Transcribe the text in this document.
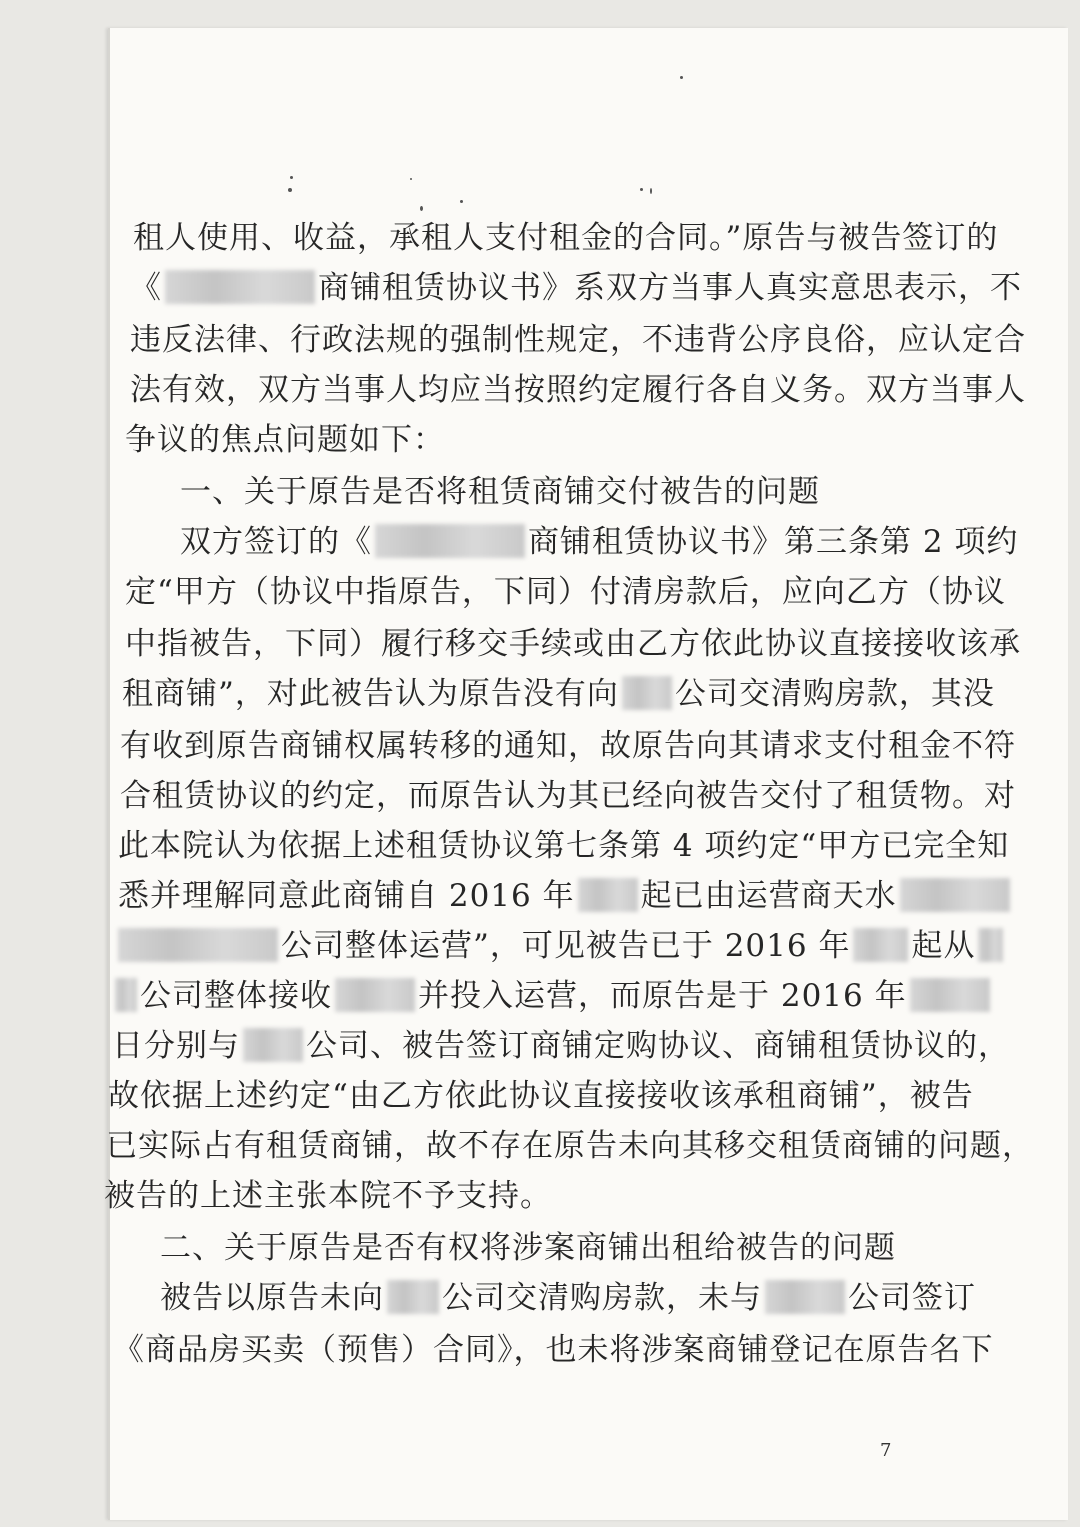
租人使用、收益，承租人支付租金的合同。”原告与被告签订的
《	商铺租赁协议书》系双方当事人真实意思表示，不
违反法律、行政法规的强制性规定，不违背公序良俗，应认定合
法有效，双方当事人均应当按照约定履行各自义务。双方当事人
争议的焦点问题如下：
一、关于原告是否将租赁商铺交付被告的问题
双方签订的《	商铺租赁协议书》第三条第 2 项约
定“甲方（协议中指原告，下同）付清房款后，应向乙方（协议
中指被告，下同）履行移交手续或由乙方依此协议直接接收该承
租商铺”，对此被告认为原告没有向 公司交清购房款，其没
有收到原告商铺权属转移的通知，故原告向其请求支付租金不符
合租赁协议的约定，而原告认为其已经向被告交付了租赁物。对
此本院认为依据上述租赁协议第七条第 4 项约定“甲方已完全知
悉并理解同意此商铺自 2016 年 起已由运营商天水
公司整体运营”，可见被告已于 2016 年 起从
公司整体接收	并投入运营，而原告是于 2016 年
日分别与 公司、被告签订商铺定购协议、商铺租赁协议的，
故依据上述约定“由乙方依此协议直接接收该承租商铺”，被告
已实际占有租赁商铺，故不存在原告未向其移交租赁商铺的问题，
被告的上述主张本院不予支持。
二、关于原告是否有权将涉案商铺出租给被告的问题
被告以原告未向 公司交清购房款，未与	公司签订
《商品房买卖（预售）合同》，也未将涉案商铺登记在原告名下
7
